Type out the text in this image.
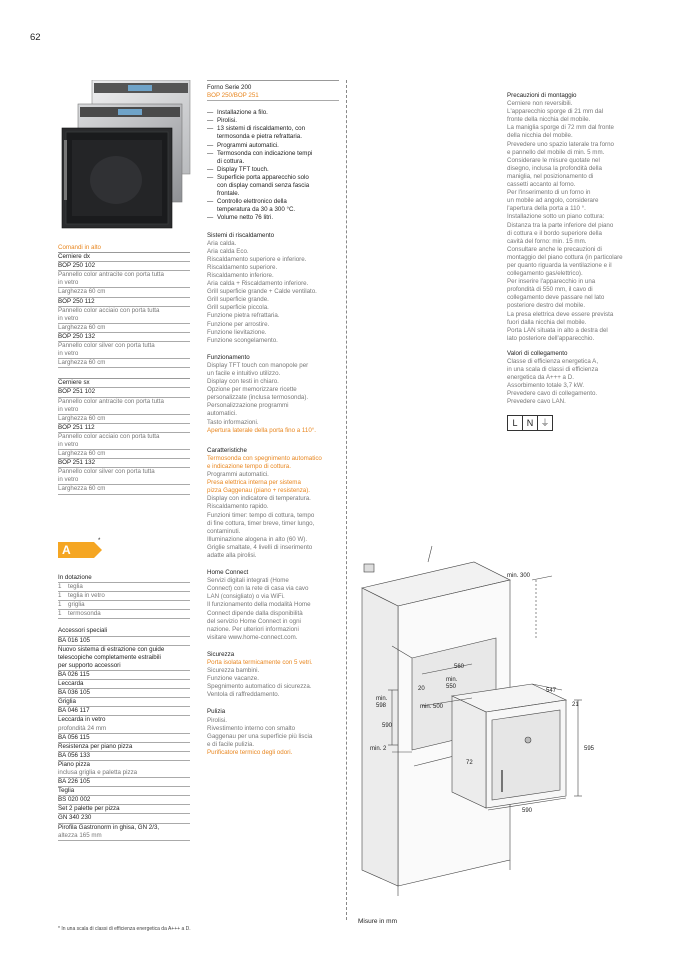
62
Comandi in alto
Cerniere dx
BOP 250 102
Pannello color antracite con porta tutta
in vetro
Larghezza 60 cm
BOP 250 112
Pannello color acciaio con porta tutta
in vetro
Larghezza 60 cm
BOP 250 132
Pannello color silver con porta tutta
in vetro
Larghezza 60 cm
Cerniere sx
BOP 251 102
Pannello color antracite con porta tutta
in vetro
Larghezza 60 cm
BOP 251 112
Pannello color acciaio con porta tutta
in vetro
Larghezza 60 cm
BOP 251 132
Pannello color silver con porta tutta
in vetro
Larghezza 60 cm
A
*
In dotazione
1 teglia
1 teglia in vetro
1 griglia
1 termosonda
Accessori speciali
BA 016 105
Nuovo sistema di estrazione con guide
telescopiche completamente estraibili
per supporto accessori
BA 026 115
Leccarda
BA 036 105
Griglia
BA 046 117
Leccarda in vetro
profondità 24 mm
BA 056 115
Resistenza per piano pizza
BA 056 133
Piano pizza
inclusa griglia e paletta pizza
BA 226 105
Teglia
BS 020 002
Set 2 palette per pizza
GN 340 230
Pirofila Gastronorm in ghisa, GN 2/3,
altezza 165 mm
* In una scala di classi di efficienza energetica da A+++ a D.
Forno Serie 200
BOP 250/BOP 251
— Installazione a filo.
— Pirolisi.
— 13 sistemi di riscaldamento, con
termosonda e pietra refrattaria.
— Programmi automatici.
— Termosonda con indicazione tempi
di cottura.
— Display TFT touch.
— Superficie porta apparecchio solo
con display comandi senza fascia
frontale.
— Controllo elettronico della
temperatura da 30 a 300 °C.
— Volume netto 76 litri.
Sistemi di riscaldamento
Aria calda.
Aria calda Eco.
Riscaldamento superiore e inferiore.
Riscaldamento superiore.
Riscaldamento inferiore.
Aria calda + Riscaldamento inferiore.
Grill superficie grande + Calde ventilato.
Grill superficie grande.
Grill superficie piccola.
Funzione pietra refrattaria.
Funzione per arrostire.
Funzione lievitazione.
Funzione scongelamento.
Funzionamento
Display TFT touch con manopole per
un facile e intuitivo utilizzo.
Display con testi in chiaro.
Opzione per memorizzare ricette
personalizzate (inclusa termosonda).
Personalizzazione programmi
automatici.
Tasto informazioni.
Apertura laterale della porta fino a 110°.
Caratteristiche
Termosonda con spegnimento automatico
e indicazione tempo di cottura.
Programmi automatici.
Presa elettrica interna per sistema
pizza Gaggenau (piano + resistenza).
Display con indicatore di temperatura.
Riscaldamento rapido.
Funzioni timer: tempo di cottura, tempo
di fine cottura, timer breve, timer lungo,
contaminuti.
Illuminazione alogena in alto (60 W).
Griglie smaltate, 4 livelli di inserimento
adatte alla pirolisi.
Home Connect
Servizi digitali integrati (Home
Connect) con la rete di casa via cavo
LAN (consigliato) o via WiFi.
Il funzionamento della modalità Home
Connect dipende dalla disponibilità
del servizio Home Connect in ogni
nazione. Per ulteriori informazioni
visitare www.home-connect.com.
Sicurezza
Porta isolata termicamente con 5 vetri.
Sicurezza bambini.
Funzione vacanze.
Spegnimento automatico di sicurezza.
Ventola di raffreddamento.
Pulizia
Pirolisi.
Rivestimento interno con smalto
Gaggenau per una superficie più liscia
e di facile pulizia.
Purificatore termico degli odori.
Precauzioni di montaggio
Cerniere non reversibili.
L'apparecchio sporge di 21 mm dal
fronte della nicchia del mobile.
La maniglia sporge di 72 mm dal fronte
della nicchia del mobile.
Prevedere uno spazio laterale tra forno
e pannello del mobile di min. 5 mm.
Considerare le misure quotate nel
disegno, inclusa la profondità della
maniglia, nel posizionamento di
cassetti accanto al forno.
Per l'inserimento di un forno in
un mobile ad angolo, considerare
l'apertura della porta a 110 °.
Installazione sotto un piano cottura:
Distanza tra la parte inferiore del piano
di cottura e il bordo superiore della
cavità del forno: min. 15 mm.
Consultare anche le precauzioni di
montaggio del piano cottura (in particolare
per quanto riguarda la ventilazione e il
collegamento gas/elettrico).
Per inserire l'apparecchio in una
profondità di 550 mm, il cavo di
collegamento deve passare nel lato
posteriore destro del mobile.
La presa elettrica deve essere prevista
fuori dalla nicchia del mobile.
Porta LAN situata in alto a destra del
lato posteriore dell'apparecchio.
Valori di collegamento
Classe di efficienza energetica A,
in una scala di classi di efficienza
energetica da A+++ a D.
Assorbimento totale 3,7 kW.
Prevedere cavo di collegamento.
Prevedere cavo LAN.
L	N ⏚
min. 300
560
min.
550
20
min. 500
min.
598
590
547
21
595
72
min. 2
590
Misure in mm
